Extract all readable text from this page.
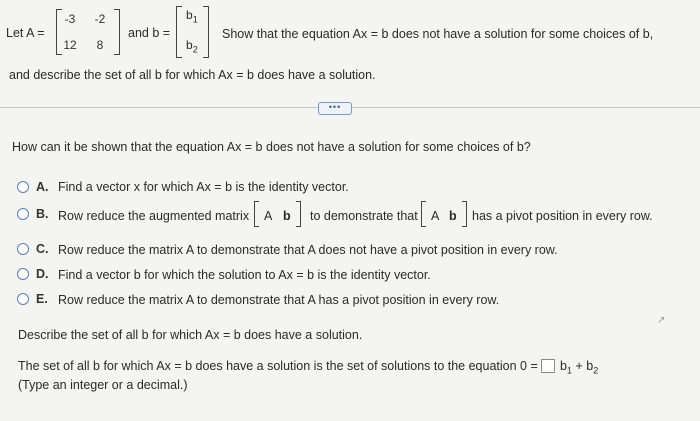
Let A =
-3	-2
12	8
and b =
$b_1$
$b_2$
Show that the equation Ax = b does not have a solution for some choices of b,
and describe the set of all b for which Ax = b does have a solution.
•••
How can it be shown that the equation Ax = b does not have a solution for some choices of b?
A. Find a vector x for which Ax = b is the identity vector.
B. Row reduce the augmented matrix A b to demonstrate that A b has a pivot position in every row.
C. Row reduce the matrix A to demonstrate that A does not have a pivot position in every row.
D. Find a vector b for which the solution to Ax = b is the identity vector.
E. Row reduce the matrix A to demonstrate that A has a pivot position in every row.
↗
Describe the set of all b for which Ax = b does have a solution.
The set of all b for which Ax = b does have a solution is the set of solutions to the equation $0 = b_1 + b_2$
(Type an integer or a decimal.)
